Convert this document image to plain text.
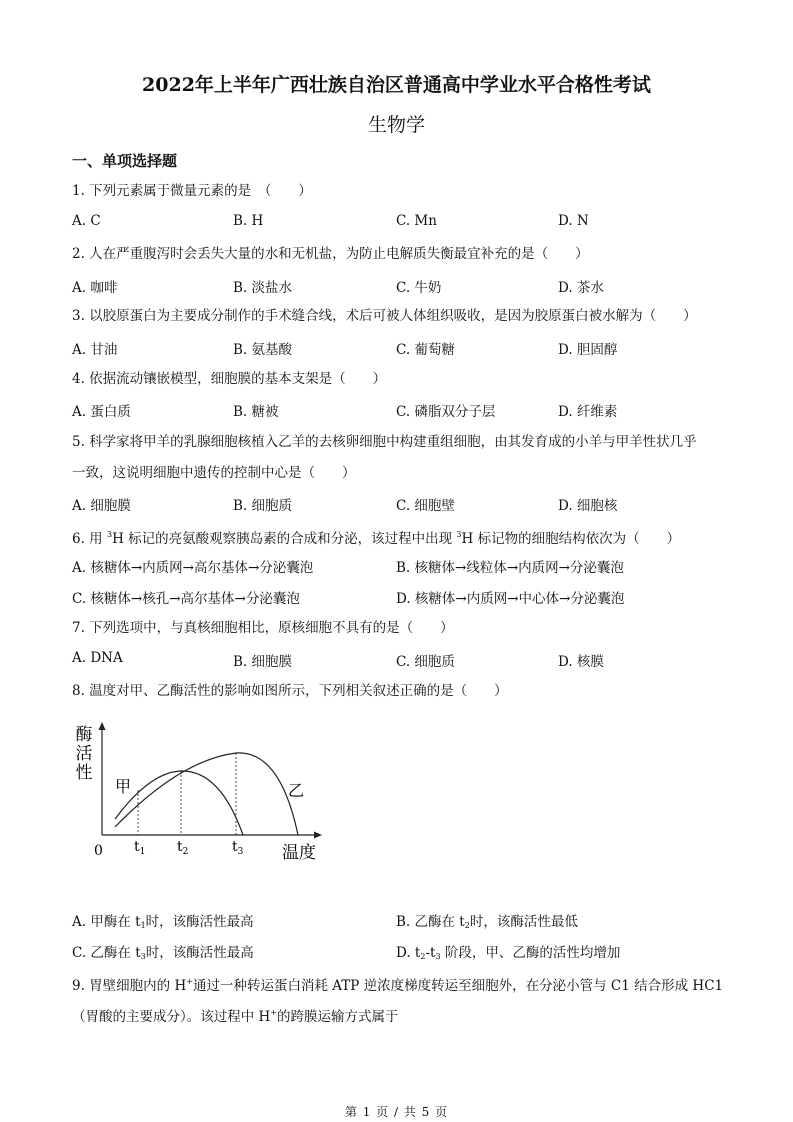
2022年上半年广西壮族自治区普通高中学业水平合格性考试
生物学
一、单项选择题
1. 下列元素属于微量元素的是　（　　）
A. C	B. H	C. Mn	D. N
2. 人在严重腹泻时会丢失大量的水和无机盐，为防止电解质失衡最宜补充的是（　　）
A. 咖啡	B. 淡盐水	C. 牛奶	D. 茶水
3. 以胶原蛋白为主要成分制作的手术缝合线，术后可被人体组织吸收，是因为胶原蛋白被水解为（　　）
A. 甘油	B. 氨基酸	C. 葡萄糖	D. 胆固醇
4. 依据流动镶嵌模型，细胞膜的基本支架是（　　）
A. 蛋白质	B. 糖被	C. 磷脂双分子层	D. 纤维素
5. 科学家将甲羊的乳腺细胞核植入乙羊的去核卵细胞中构建重组细胞，由其发育成的小羊与甲羊性状几乎
一致，这说明细胞中遗传的控制中心是（　　）
A. 细胞膜	B. 细胞质	C. 细胞壁	D. 细胞核
6. 用 $^3$H 标记的亮氨酸观察胰岛素的合成和分泌，该过程中出现 $^3$H 标记物的细胞结构依次为（　　）
A. 核糖体→内质网→高尔基体→分泌囊泡	B. 核糖体→线粒体→内质网→分泌囊泡
C. 核糖体→核孔→高尔基体→分泌囊泡	D. 核糖体→内质网→中心体→分泌囊泡
7. 下列选项中，与真核细胞相比，原核细胞不具有的是（　　）
A. DNA	B. 细胞膜	C. 细胞质	D. 核膜
8. 温度对甲、乙酶活性的影响如图所示，下列相关叙述正确的是（　　）
酶
活
性
甲	乙
0 $t_1$ $t_2$	$t_3$ 温度
A. 甲酶在 $t_1$时，该酶活性最高	B. 乙酶在 $t_2$时，该酶活性最低
C. 乙酶在 $t_3$时，该酶活性最高	D. $t_2-t_3$ 阶段，甲、乙酶的活性均增加
9. 胃壁细胞内的 H+通过一种转运蛋白消耗 ATP 逆浓度梯度转运至细胞外，在分泌小管与 C1 结合形成 HC1
（胃酸的主要成分）。该过程中 H+的跨膜运输方式属于
第 1 页 / 共 5 页
